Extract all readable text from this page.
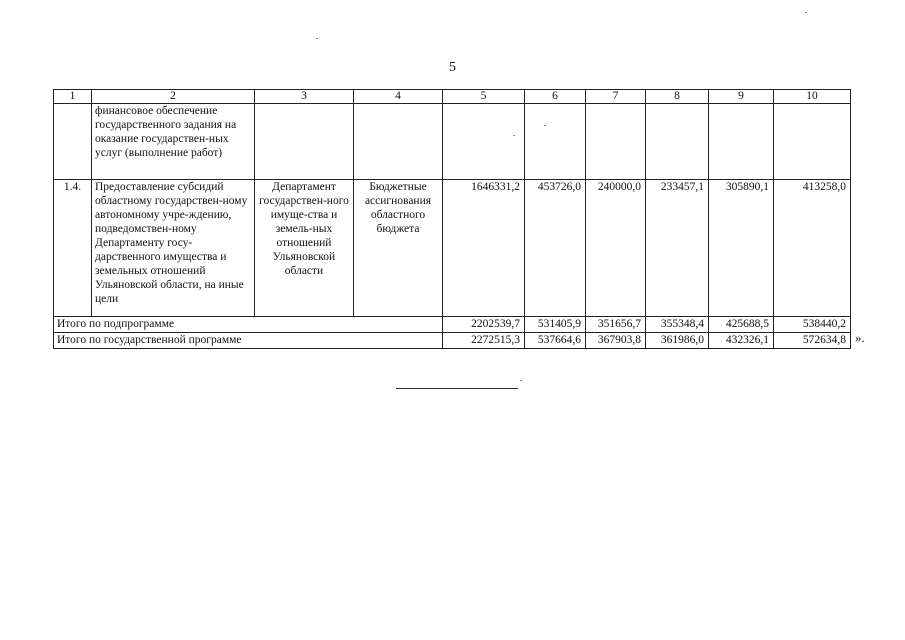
5
1	2	3	4	5	6	7	8	9	10
	финансовое обеспечение государственного задания на оказание государствен-ных услуг (выполнение работ)								
1.4.	Предоставление субсидий областному государствен-ному автономному учре-ждению, подведомствен-ному Департаменту госу-дарственного имущества и земельных отношений Ульяновской области, на иные цели	Департамент государствен-ного имуще-ства и земель-ных отношений Ульяновской области	Бюджетные ассигнования областного бюджета	1646331,2	453726,0	240000,0	233457,1	305890,1	413258,0
Итого по подпрограмме				2202539,7	531405,9	351656,7	355348,4	425688,5	538440,2
Итого по государственной программе				2272515,3	537664,6	367903,8	361986,0	432326,1	572634,8 ».
